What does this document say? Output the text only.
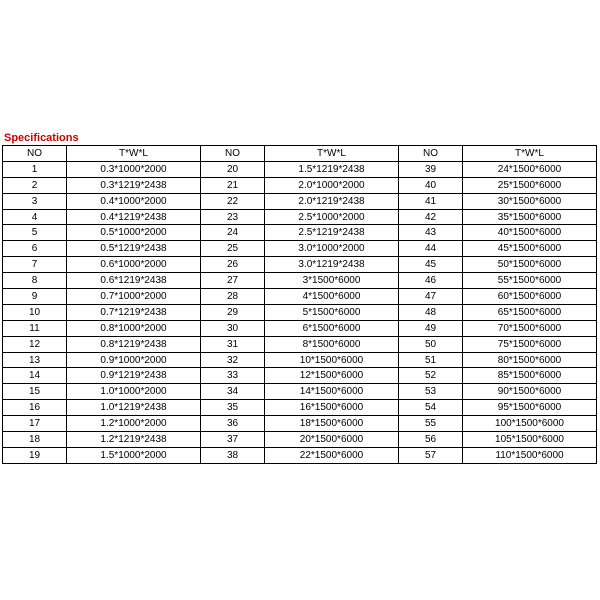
Specifications
NO	T*W*L	NO	T*W*L	NO	T*W*L
1	0.3*1000*2000	20	1.5*1219*2438	39	24*1500*6000
2	0.3*1219*2438	21	2.0*1000*2000	40	25*1500*6000
3	0.4*1000*2000	22	2.0*1219*2438	41	30*1500*6000
4	0.4*1219*2438	23	2.5*1000*2000	42	35*1500*6000
5	0.5*1000*2000	24	2.5*1219*2438	43	40*1500*6000
6	0.5*1219*2438	25	3.0*1000*2000	44	45*1500*6000
7	0.6*1000*2000	26	3.0*1219*2438	45	50*1500*6000
8	0.6*1219*2438	27	3*1500*6000	46	55*1500*6000
9	0.7*1000*2000	28	4*1500*6000	47	60*1500*6000
10	0.7*1219*2438	29	5*1500*6000	48	65*1500*6000
11	0.8*1000*2000	30	6*1500*6000	49	70*1500*6000
12	0.8*1219*2438	31	8*1500*6000	50	75*1500*6000
13	0.9*1000*2000	32	10*1500*6000	51	80*1500*6000
14	0.9*1219*2438	33	12*1500*6000	52	85*1500*6000
15	1.0*1000*2000	34	14*1500*6000	53	90*1500*6000
16	1.0*1219*2438	35	16*1500*6000	54	95*1500*6000
17	1.2*1000*2000	36	18*1500*6000	55	100*1500*6000
18	1.2*1219*2438	37	20*1500*6000	56	105*1500*6000
19	1.5*1000*2000	38	22*1500*6000	57	110*1500*6000
